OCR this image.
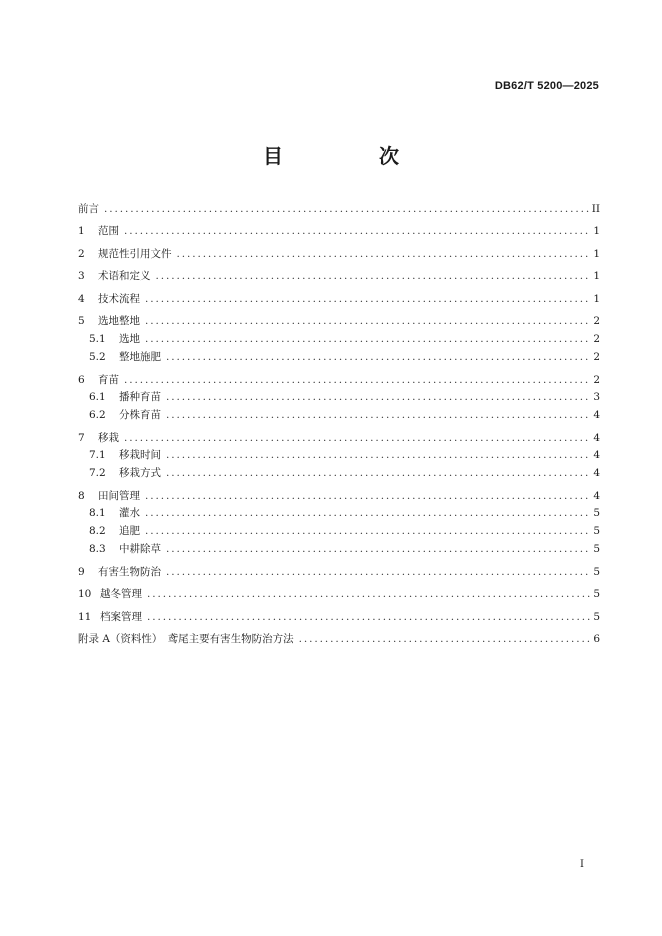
DB62/T 5200—2025
目　次
前言 .....	II
1	范围 .....	1
2	规范性引用文件 .....	1
3	术语和定义 .....	1
4	技术流程 .....	1
5	选地整地 .....	2
5.1	选地 .....	2
5.2	整地施肥 .....	2
6	育苗 .....	2
6.1	播种育苗 .....	3
6.2	分株育苗 .....	4
7	移栽 .....	4
7.1	移栽时间 .....	4
7.2	移栽方式 .....	4
8	田间管理 .....	4
8.1	灌水 .....	5
8.2	追肥 .....	5
8.3	中耕除草 .....	5
9	有害生物防治 .....	5
10 越冬管理 .....	5
11 档案管理 .....	5
附录 A（资料性）　鸢尾主要有害生物防治方法 .....	6
I
